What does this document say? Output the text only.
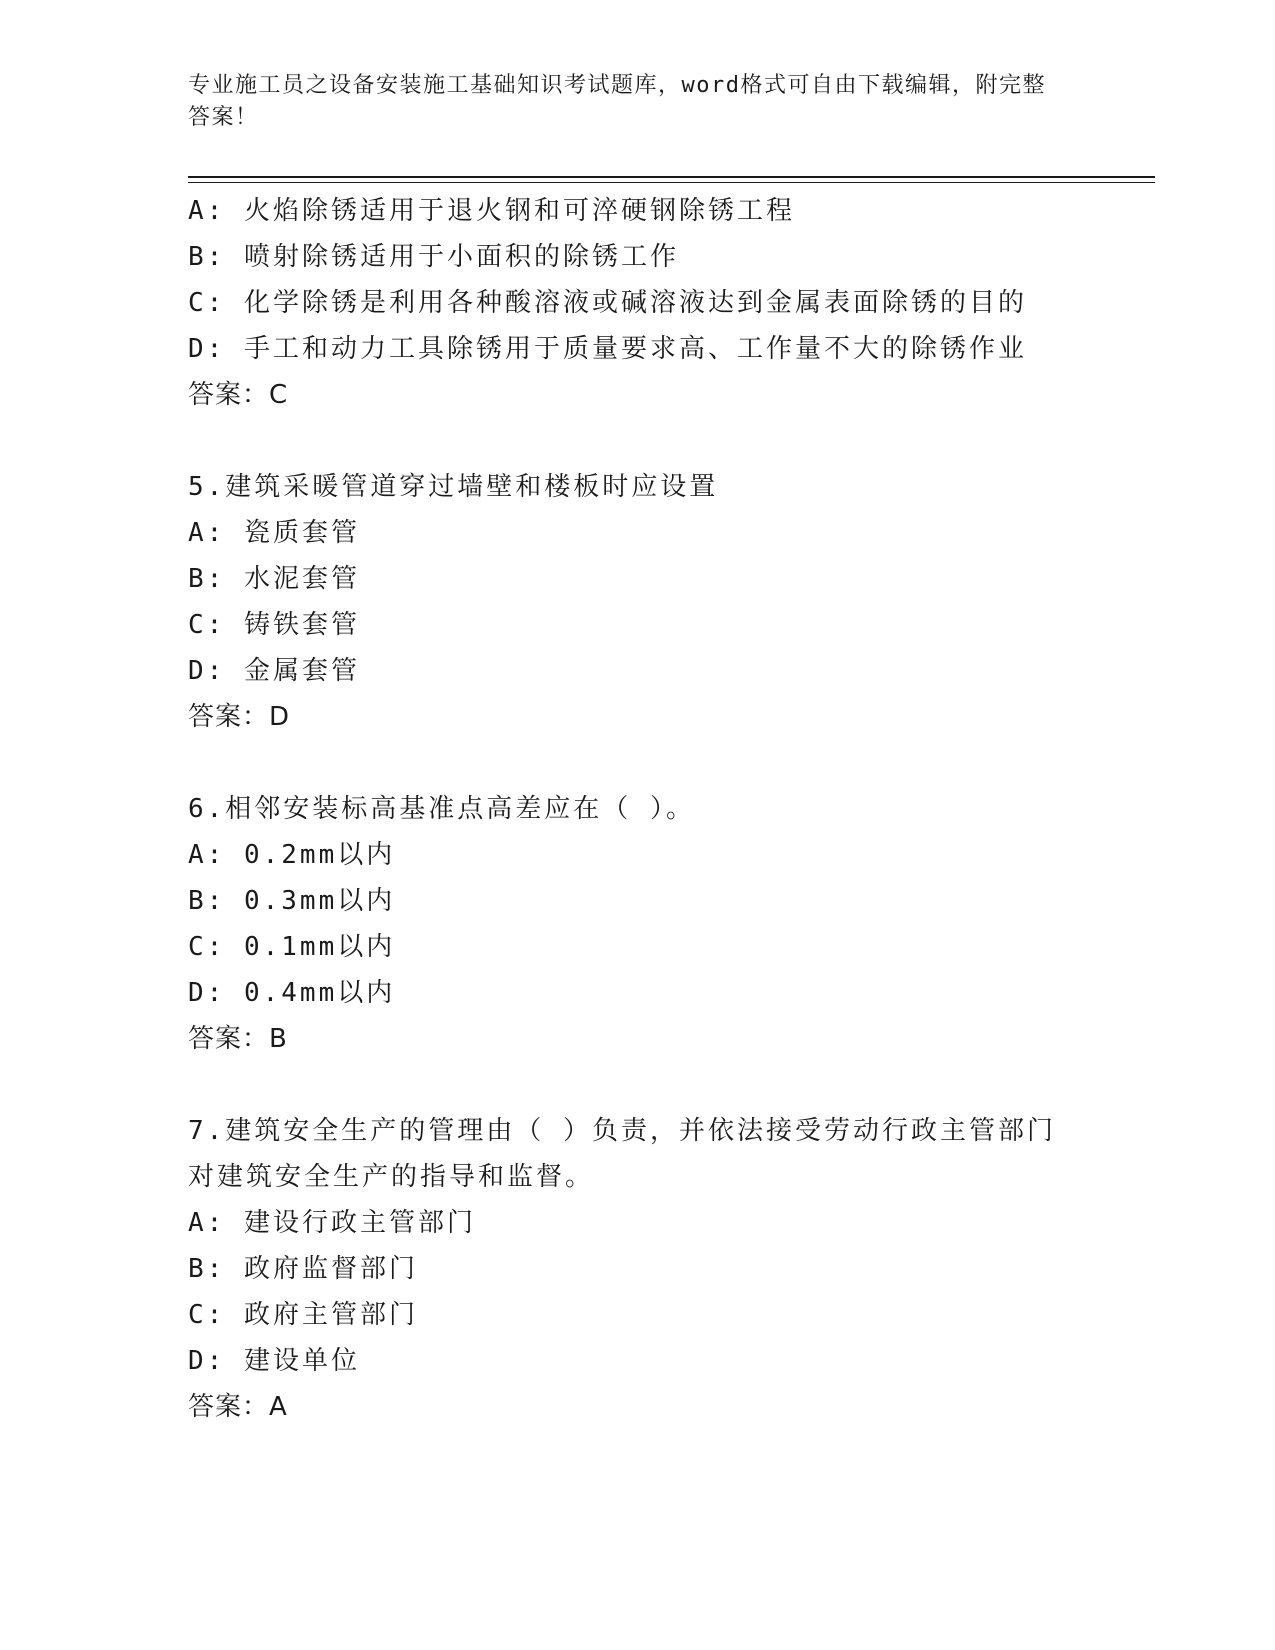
专业施工员之设备安装施工基础知识考试题库，word格式可自由下载编辑，附完整答案！
A: 火焰除锈适用于退火钢和可淬硬钢除锈工程
B: 喷射除锈适用于小面积的除锈工作
C: 化学除锈是利用各种酸溶液或碱溶液达到金属表面除锈的目的
D: 手工和动力工具除锈用于质量要求高、工作量不大的除锈作业
答案：C
5.建筑采暖管道穿过墙壁和楼板时应设置
A: 瓷质套管
B: 水泥套管
C: 铸铁套管
D: 金属套管
答案：D
6.相邻安装标高基准点高差应在（ ）。
A: 0.2mm以内
B: 0.3mm以内
C: 0.1mm以内
D: 0.4mm以内
答案：B
7.建筑安全生产的管理由（ ）负责，并依法接受劳动行政主管部门对建筑安全生产的指导和监督。
A: 建设行政主管部门
B: 政府监督部门
C: 政府主管部门
D: 建设单位
答案：A
